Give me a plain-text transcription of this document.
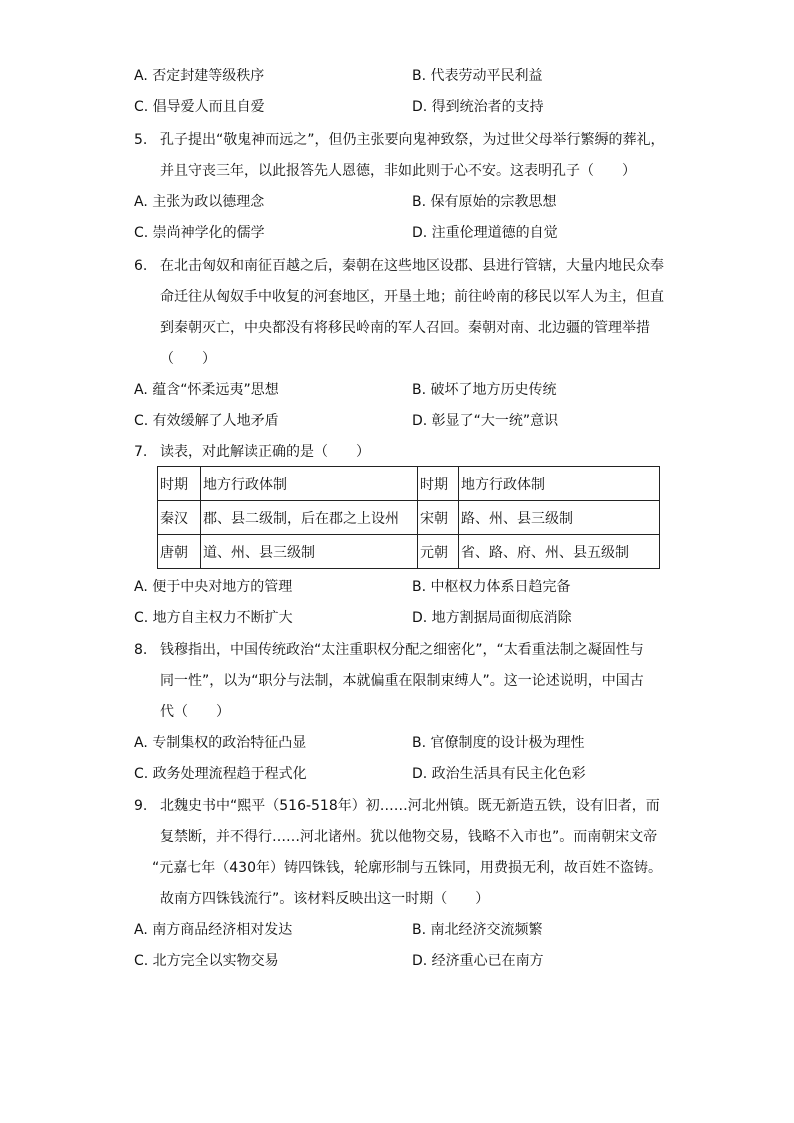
A. 否定封建等级秩序	B. 代表劳动平民利益
C. 倡导爱人而且自爱	D. 得到统治者的支持
5. 孔子提出“敬鬼神而远之”，但仍主张要向鬼神致祭，为过世父母举行繁缛的葬礼，
并且守丧三年，以此报答先人恩德，非如此则于心不安。这表明孔子（　　）
A. 主张为政以德理念	B. 保有原始的宗教思想
C. 崇尚神学化的儒学	D. 注重伦理道德的自觉
6. 在北击匈奴和南征百越之后，秦朝在这些地区设郡、县进行管辖，大量内地民众奉
命迁往从匈奴手中收复的河套地区，开垦土地；前往岭南的移民以军人为主，但直
到秦朝灭亡，中央都没有将移民岭南的军人召回。秦朝对南、北边疆的管理举措
（　　）
A. 蕴含“怀柔远夷”思想	B. 破坏了地方历史传统
C. 有效缓解了人地矛盾	D. 彰显了“大一统”意识
7. 读表，对此解读正确的是（　　）
时期	地方行政体制	时期	地方行政体制
秦汉	郡、县二级制，后在郡之上设州	宋朝	路、州、县三级制
唐朝	道、州、县三级制	元朝	省、路、府、州、县五级制
A. 便于中央对地方的管理	B. 中枢权力体系日趋完备
C. 地方自主权力不断扩大	D. 地方割据局面彻底消除
8. 钱穆指出，中国传统政治“太注重职权分配之细密化”，“太看重法制之凝固性与
同一性”，以为“职分与法制，本就偏重在限制束缚人”。这一论述说明，中国古
代（　　）
A. 专制集权的政治特征凸显	B. 官僚制度的设计极为理性
C. 政务处理流程趋于程式化	D. 政治生活具有民主化色彩
9. 北魏史书中“熙平（516-518年）初……河北州镇。既无新造五铁，设有旧者，而
复禁断，并不得行……河北诸州。犹以他物交易，钱略不入市也”。而南朝宋文帝
“元嘉七年（430年）铸四铢钱，轮廓形制与五铢同，用费损无利，故百姓不盗铸。
故南方四铢钱流行”。该材料反映出这一时期（　　）
A. 南方商品经济相对发达	B. 南北经济交流频繁
C. 北方完全以实物交易	D. 经济重心已在南方
